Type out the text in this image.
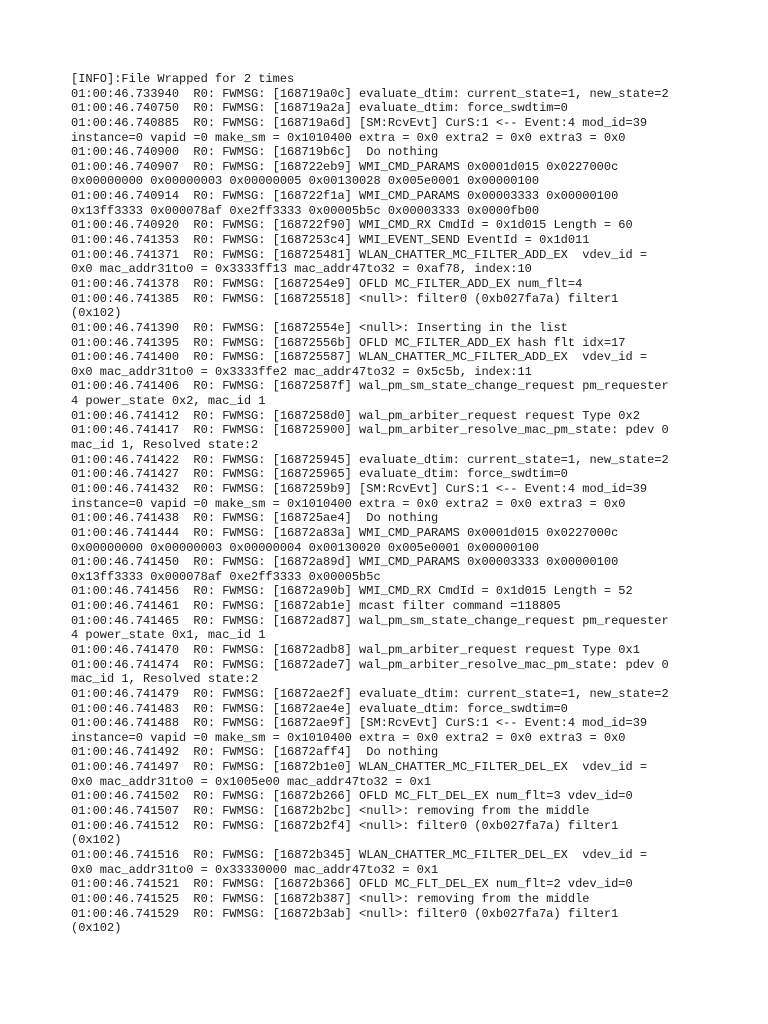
[INFO]:File Wrapped for 2 times
01:00:46.733940  R0: FWMSG: [168719a0c] evaluate_dtim: current_state=1, new_state=2
01:00:46.740750  R0: FWMSG: [168719a2a] evaluate_dtim: force_swdtim=0
01:00:46.740885  R0: FWMSG: [168719a6d] [SM:RcvEvt] CurS:1 <-- Event:4 mod_id=39
instance=0 vapid =0 make_sm = 0x1010400 extra = 0x0 extra2 = 0x0 extra3 = 0x0
01:00:46.740900  R0: FWMSG: [168719b6c]  Do nothing
01:00:46.740907  R0: FWMSG: [168722eb9] WMI_CMD_PARAMS 0x0001d015 0x0227000c
0x00000000 0x00000003 0x00000005 0x00130028 0x005e0001 0x00000100
01:00:46.740914  R0: FWMSG: [168722f1a] WMI_CMD_PARAMS 0x00003333 0x00000100
0x13ff3333 0x000078af 0xe2ff3333 0x00005b5c 0x00003333 0x0000fb00
01:00:46.740920  R0: FWMSG: [168722f90] WMI_CMD_RX CmdId = 0x1d015 Length = 60
01:00:46.741353  R0: FWMSG: [1687253c4] WMI_EVENT_SEND EventId = 0x1d011
01:00:46.741371  R0: FWMSG: [168725481] WLAN_CHATTER_MC_FILTER_ADD_EX  vdev_id =
0x0 mac_addr31to0 = 0x3333ff13 mac_addr47to32 = 0xaf78, index:10
01:00:46.741378  R0: FWMSG: [1687254e9] OFLD MC_FILTER_ADD_EX num_flt=4
01:00:46.741385  R0: FWMSG: [168725518] <null>: filter0 (0xb027fa7a) filter1
(0x102)
01:00:46.741390  R0: FWMSG: [16872554e] <null>: Inserting in the list
01:00:46.741395  R0: FWMSG: [16872556b] OFLD MC_FILTER_ADD_EX hash flt idx=17
01:00:46.741400  R0: FWMSG: [168725587] WLAN_CHATTER_MC_FILTER_ADD_EX  vdev_id =
0x0 mac_addr31to0 = 0x3333ffe2 mac_addr47to32 = 0x5c5b, index:11
01:00:46.741406  R0: FWMSG: [16872587f] wal_pm_sm_state_change_request pm_requester
4 power_state 0x2, mac_id 1
01:00:46.741412  R0: FWMSG: [1687258d0] wal_pm_arbiter_request request Type 0x2
01:00:46.741417  R0: FWMSG: [168725900] wal_pm_arbiter_resolve_mac_pm_state: pdev 0
mac_id 1, Resolved state:2
01:00:46.741422  R0: FWMSG: [168725945] evaluate_dtim: current_state=1, new_state=2
01:00:46.741427  R0: FWMSG: [168725965] evaluate_dtim: force_swdtim=0
01:00:46.741432  R0: FWMSG: [1687259b9] [SM:RcvEvt] CurS:1 <-- Event:4 mod_id=39
instance=0 vapid =0 make_sm = 0x1010400 extra = 0x0 extra2 = 0x0 extra3 = 0x0
01:00:46.741438  R0: FWMSG: [168725ae4]  Do nothing
01:00:46.741444  R0: FWMSG: [16872a83a] WMI_CMD_PARAMS 0x0001d015 0x0227000c
0x00000000 0x00000003 0x00000004 0x00130020 0x005e0001 0x00000100
01:00:46.741450  R0: FWMSG: [16872a89d] WMI_CMD_PARAMS 0x00003333 0x00000100
0x13ff3333 0x000078af 0xe2ff3333 0x00005b5c
01:00:46.741456  R0: FWMSG: [16872a90b] WMI_CMD_RX CmdId = 0x1d015 Length = 52
01:00:46.741461  R0: FWMSG: [16872ab1e] mcast filter command =118805
01:00:46.741465  R0: FWMSG: [16872ad87] wal_pm_sm_state_change_request pm_requester
4 power_state 0x1, mac_id 1
01:00:46.741470  R0: FWMSG: [16872adb8] wal_pm_arbiter_request request Type 0x1
01:00:46.741474  R0: FWMSG: [16872ade7] wal_pm_arbiter_resolve_mac_pm_state: pdev 0
mac_id 1, Resolved state:2
01:00:46.741479  R0: FWMSG: [16872ae2f] evaluate_dtim: current_state=1, new_state=2
01:00:46.741483  R0: FWMSG: [16872ae4e] evaluate_dtim: force_swdtim=0
01:00:46.741488  R0: FWMSG: [16872ae9f] [SM:RcvEvt] CurS:1 <-- Event:4 mod_id=39
instance=0 vapid =0 make_sm = 0x1010400 extra = 0x0 extra2 = 0x0 extra3 = 0x0
01:00:46.741492  R0: FWMSG: [16872aff4]  Do nothing
01:00:46.741497  R0: FWMSG: [16872b1e0] WLAN_CHATTER_MC_FILTER_DEL_EX  vdev_id =
0x0 mac_addr31to0 = 0x1005e00 mac_addr47to32 = 0x1
01:00:46.741502  R0: FWMSG: [16872b266] OFLD MC_FLT_DEL_EX num_flt=3 vdev_id=0
01:00:46.741507  R0: FWMSG: [16872b2bc] <null>: removing from the middle
01:00:46.741512  R0: FWMSG: [16872b2f4] <null>: filter0 (0xb027fa7a) filter1
(0x102)
01:00:46.741516  R0: FWMSG: [16872b345] WLAN_CHATTER_MC_FILTER_DEL_EX  vdev_id =
0x0 mac_addr31to0 = 0x33330000 mac_addr47to32 = 0x1
01:00:46.741521  R0: FWMSG: [16872b366] OFLD MC_FLT_DEL_EX num_flt=2 vdev_id=0
01:00:46.741525  R0: FWMSG: [16872b387] <null>: removing from the middle
01:00:46.741529  R0: FWMSG: [16872b3ab] <null>: filter0 (0xb027fa7a) filter1
(0x102)
